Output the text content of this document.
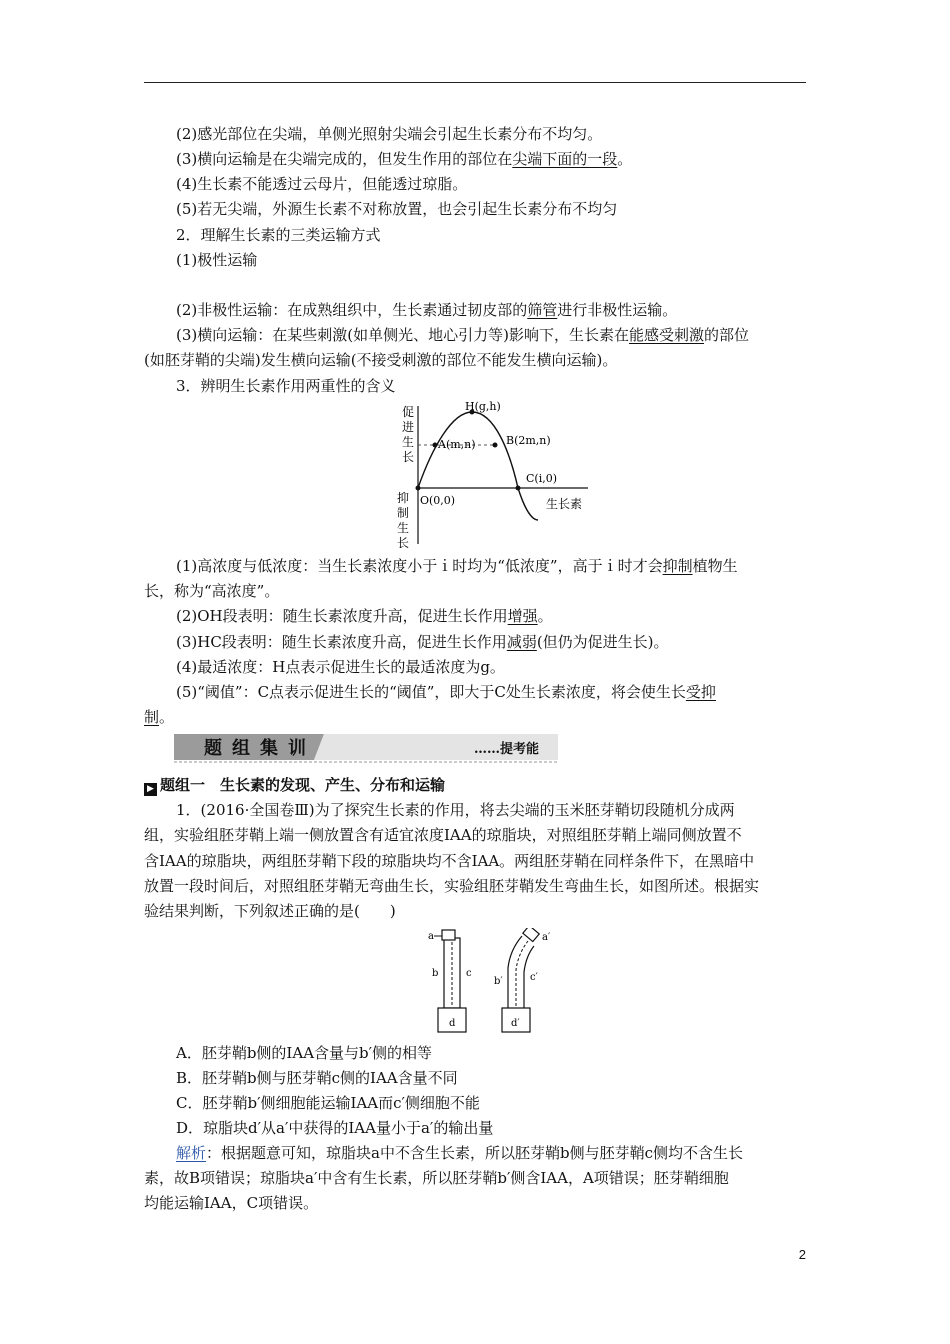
(2)感光部位在尖端，单侧光照射尖端会引起生长素分布不均匀。
(3)横向运输是在尖端完成的，但发生作用的部位在尖端下面的一段。
(4)生长素不能透过云母片，但能透过琼脂。
(5)若无尖端，外源生长素不对称放置，也会引起生长素分布不均匀
2．理解生长素的三类运输方式
(1)极性运输
(2)非极性运输：在成熟组织中，生长素通过韧皮部的筛管进行非极性运输。
(3)横向运输：在某些刺激(如单侧光、地心引力等)影响下，生长素在能感受刺激的部位
(如胚芽鞘的尖端)发生横向运输(不接受刺激的部位不能发生横向运输)。
3．辨明生长素作用两重性的含义
促
进
生
长
抑
制
生
长
H(g,h)
A(m,n)	B(2m,n)
C(i,0)
O(0,0)	生长素
(1)高浓度与低浓度：当生长素浓度小于ｉ时均为“低浓度”，高于ｉ时才会抑制植物生
长，称为“高浓度”。
(2)OH段表明：随生长素浓度升高，促进生长作用增强。
(3)HC段表明：随生长素浓度升高，促进生长作用减弱(但仍为促进生长)。
(4)最适浓度：H点表示促进生长的最适浓度为g。
(5)“阈值”：C点表示促进生长的“阈值”，即大于C处生长素浓度，将会使生长受抑
制。
题组集训	……提考能
▶ 题组一　生长素的发现、产生、分布和运输
1．(2016·全国卷Ⅲ)为了探究生长素的作用，将去尖端的玉米胚芽鞘切段随机分成两
组，实验组胚芽鞘上端一侧放置含有适宜浓度IAA的琼脂块，对照组胚芽鞘上端同侧放置不
含IAA的琼脂块，两组胚芽鞘下段的琼脂块均不含IAA。两组胚芽鞘在同样条件下，在黑暗中
放置一段时间后，对照组胚芽鞘无弯曲生长，实验组胚芽鞘发生弯曲生长，如图所述。根据实
验结果判断，下列叙述正确的是(　　)
a
b	c
d
a′
b′	c′
d′
A．胚芽鞘b侧的IAA含量与b′侧的相等
B．胚芽鞘b侧与胚芽鞘c侧的IAA含量不同
C．胚芽鞘b′侧细胞能运输IAA而c′侧细胞不能
D．琼脂块d′从a′中获得的IAA量小于a′的输出量
解析：根据题意可知，琼脂块a中不含生长素，所以胚芽鞘b侧与胚芽鞘c侧均不含生长
素，故B项错误；琼脂块a′中含有生长素，所以胚芽鞘b′侧含IAA，A项错误；胚芽鞘细胞
均能运输IAA，C项错误。
2
